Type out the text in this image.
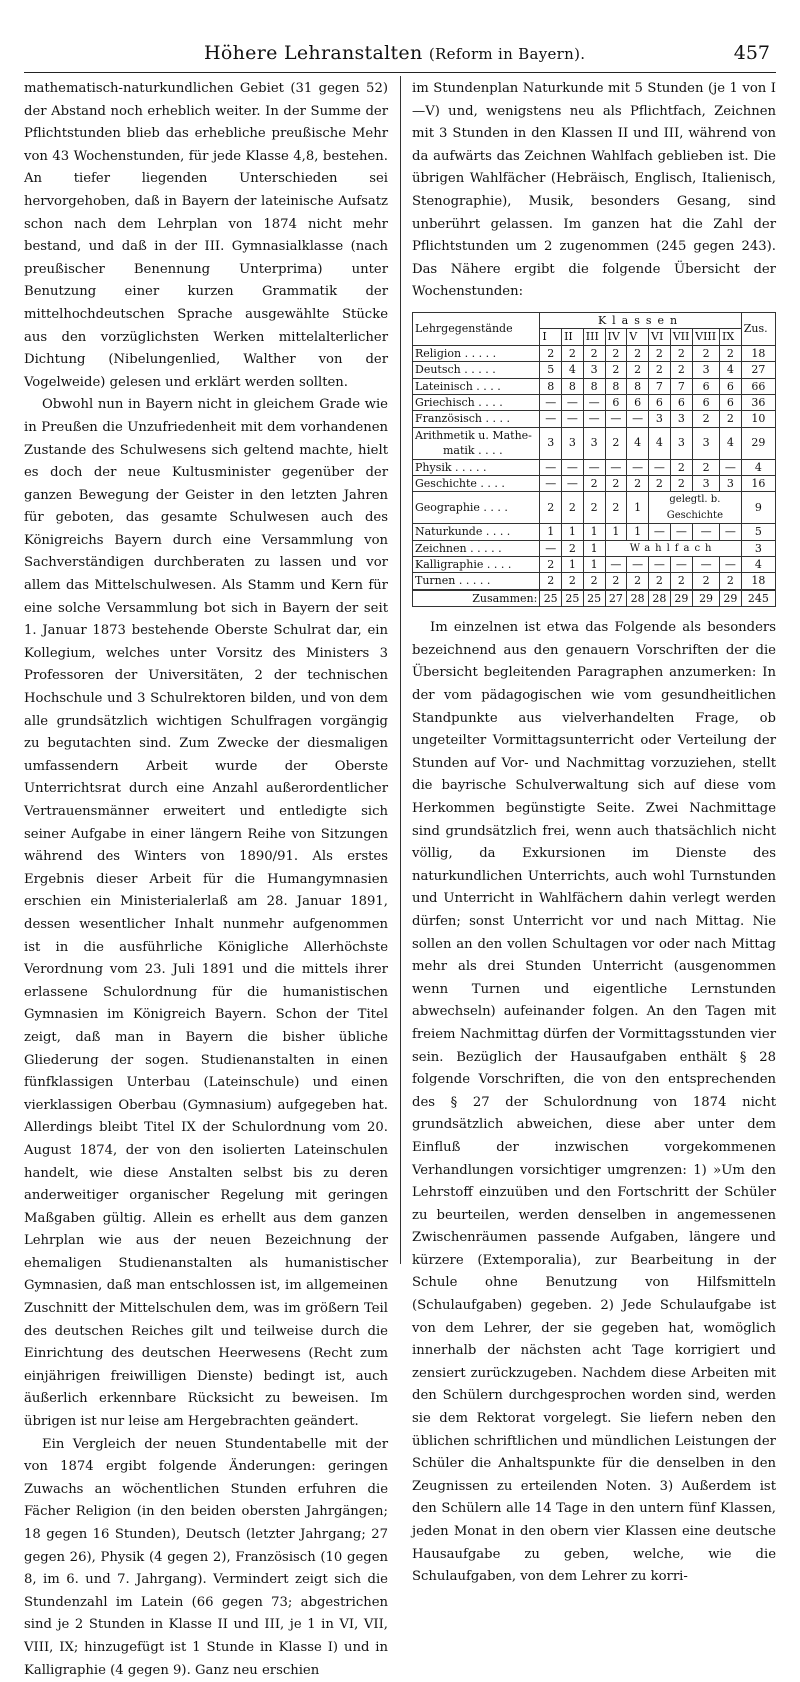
Höhere Lehranstalten (Reform in Bayern).	457

mathematisch-naturkundlichen Gebiet (31 gegen 52) der Abstand noch erheblich weiter. In der Summe der Pflichtstunden blieb das erhebliche preußische Mehr von 43 Wochenstunden, für jede Klasse 4,8, bestehen. An tiefer liegenden Unterschieden sei hervorgehoben, daß in Bayern der lateinische Aufsatz schon nach dem Lehrplan von 1874 nicht mehr bestand, und daß in der III. Gymnasialklasse (nach preußischer Benennung Unterprima) unter Benutzung einer kurzen Grammatik der mittelhochdeutschen Sprache ausgewählte Stücke aus den vorzüglichsten Werken mittelalterlicher Dichtung (Nibelungenlied, Walther von der Vogelweide) gelesen und erklärt werden sollten.

Obwohl nun in Bayern nicht in gleichem Grade wie in Preußen die Unzufriedenheit mit dem vorhandenen Zustande des Schulwesens sich geltend machte, hielt es doch der neue Kultusminister gegenüber der ganzen Bewegung der Geister in den letzten Jahren für geboten, das gesamte Schulwesen auch des Königreichs Bayern durch eine Versammlung von Sachverständigen durchberaten zu lassen und vor allem das Mittelschulwesen. Als Stamm und Kern für eine solche Versammlung bot sich in Bayern der seit 1. Januar 1873 bestehende Oberste Schulrat dar, ein Kollegium, welches unter Vorsitz des Ministers 3 Professoren der Universitäten, 2 der technischen Hochschule und 3 Schulrektoren bilden, und von dem alle grundsätzlich wichtigen Schulfragen vorgängig zu begutachten sind. Zum Zwecke der diesmaligen umfassendern Arbeit wurde der Oberste Unterrichtsrat durch eine Anzahl außerordentlicher Vertrauensmänner erweitert und entledigte sich seiner Aufgabe in einer längern Reihe von Sitzungen während des Winters von 1890/91. Als erstes Ergebnis dieser Arbeit für die Humangymnasien erschien ein Ministerialerlaß am 28. Januar 1891, dessen wesentlicher Inhalt nunmehr aufgenommen ist in die ausführliche Königliche Allerhöchste Verordnung vom 23. Juli 1891 und die mittels ihrer erlassene Schulordnung für die humanistischen Gymnasien im Königreich Bayern. Schon der Titel zeigt, daß man in Bayern die bisher übliche Gliederung der sogen. Studienanstalten in einen fünfklassigen Unterbau (Lateinschule) und einen vierklassigen Oberbau (Gymnasium) aufgegeben hat. Allerdings bleibt Titel IX der Schulordnung vom 20. August 1874, der von den isolierten Lateinschulen handelt, wie diese Anstalten selbst bis zu deren anderweitiger organischer Regelung mit geringen Maßgaben gültig. Allein es erhellt aus dem ganzen Lehrplan wie aus der neuen Bezeichnung der ehemaligen Studienanstalten als humanistischer Gymnasien, daß man entschlossen ist, im allgemeinen Zuschnitt der Mittelschulen dem, was im größern Teil des deutschen Reiches gilt und teilweise durch die Einrichtung des deutschen Heerwesens (Recht zum einjährigen freiwilligen Dienste) bedingt ist, auch äußerlich erkennbare Rücksicht zu beweisen. Im übrigen ist nur leise am Hergebrachten geändert.

Ein Vergleich der neuen Stundentabelle mit der von 1874 ergibt folgende Änderungen: geringen Zuwachs an wöchentlichen Stunden erfuhren die Fächer Religion (in den beiden obersten Jahrgängen; 18 gegen 16 Stunden), Deutsch (letzter Jahrgang; 27 gegen 26), Physik (4 gegen 2), Französisch (10 gegen 8, im 6. und 7. Jahrgang). Vermindert zeigt sich die Stundenzahl im Latein (66 gegen 73; abgestrichen sind je 2 Stunden in Klasse II und III, je 1 in VI, VII, VIII, IX; hinzugefügt ist 1 Stunde in Klasse I) und in Kalligraphie (4 gegen 9). Ganz neu erschien

im Stundenplan Naturkunde mit 5 Stunden (je 1 von I—V) und, wenigstens neu als Pflichtfach, Zeichnen mit 3 Stunden in den Klassen II und III, während von da aufwärts das Zeichnen Wahlfach geblieben ist. Die übrigen Wahlfächer (Hebräisch, Englisch, Italienisch, Stenographie), Musik, besonders Gesang, sind unberührt gelassen. Im ganzen hat die Zahl der Pflichtstunden um 2 zugenommen (245 gegen 243). Das Nähere ergibt die folgende Übersicht der Wochenstunden:

Lehrgegenstände	Klassen									Zus.
	I	II	III	IV	V	VI	VII	VIII	IX	
Religion . . . . .	2	2	2	2	2	2	2	2	2	18
Deutsch . . . . .	5	4	3	2	2	2	2	3	4	27
Lateinisch . . . .	8	8	8	8	8	7	7	6	6	66
Griechisch . . . .	—	—	—	6	6	6	6	6	6	36
Französisch . . . .	—	—	—	—	—	3	3	2	2	10

Arithmetik u. Mathe-
matik . . . .	3	3	3	2	4	4	3	3	4	29
Physik . . . . .	—	—	—	—	—	—	2	2	—	4
Geschichte . . . .	—	—	2	2	2	2	2	3	3	16
Geographie . . . .	2	2	2	2	1	gelegtl. b. Geschichte				9
Naturkunde . . . .	1	1	1	1	1	—	—	—	—	5
Zeichnen . . . . .	—	2	1	Wahlfach						3
Kalligraphie . . . .	2	1	1	—	—	—	—	—	—	4
Turnen . . . . .	2	2	2	2	2	2	2	2	2	18
Zusammen:	25	25	25	27	28	28	29	29	29	245

Im einzelnen ist etwa das Folgende als besonders bezeichnend aus den genauern Vorschriften der die Übersicht begleitenden Paragraphen anzumerken: In der vom pädagogischen wie vom gesundheitlichen Standpunkte aus vielverhandelten Frage, ob ungeteilter Vormittagsunterricht oder Verteilung der Stunden auf Vor- und Nachmittag vorzuziehen, stellt die bayrische Schulverwaltung sich auf diese vom Herkommen begünstigte Seite. Zwei Nachmittage sind grundsätzlich frei, wenn auch thatsächlich nicht völlig, da Exkursionen im Dienste des naturkundlichen Unterrichts, auch wohl Turnstunden und Unterricht in Wahlfächern dahin verlegt werden dürfen; sonst Unterricht vor und nach Mittag. Nie sollen an den vollen Schultagen vor oder nach Mittag mehr als drei Stunden Unterricht (ausgenommen wenn Turnen und eigentliche Lernstunden abwechseln) aufeinander folgen. An den Tagen mit freiem Nachmittag dürfen der Vormittagsstunden vier sein. Bezüglich der Hausaufgaben enthält § 28 folgende Vorschriften, die von den entsprechenden des § 27 der Schulordnung von 1874 nicht grundsätzlich abweichen, diese aber unter dem Einfluß der inzwischen vorgekommenen Verhandlungen vorsichtiger umgrenzen: 1) »Um den Lehrstoff einzuüben und den Fortschritt der Schüler zu beurteilen, werden denselben in angemessenen Zwischenräumen passende Aufgaben, längere und kürzere (Extemporalia), zur Bearbeitung in der Schule ohne Benutzung von Hilfsmitteln (Schulaufgaben) gegeben. 2) Jede Schulaufgabe ist von dem Lehrer, der sie gegeben hat, womöglich innerhalb der nächsten acht Tage korrigiert und zensiert zurückzugeben. Nachdem diese Arbeiten mit den Schülern durchgesprochen worden sind, werden sie dem Rektorat vorgelegt. Sie liefern neben den üblichen schriftlichen und mündlichen Leistungen der Schüler die Anhaltspunkte für die denselben in den Zeugnissen zu erteilenden Noten. 3) Außerdem ist den Schülern alle 14 Tage in den untern fünf Klassen, jeden Monat in den obern vier Klassen eine deutsche Hausaufgabe zu geben, welche, wie die Schulaufgaben, von dem Lehrer zu korri-
